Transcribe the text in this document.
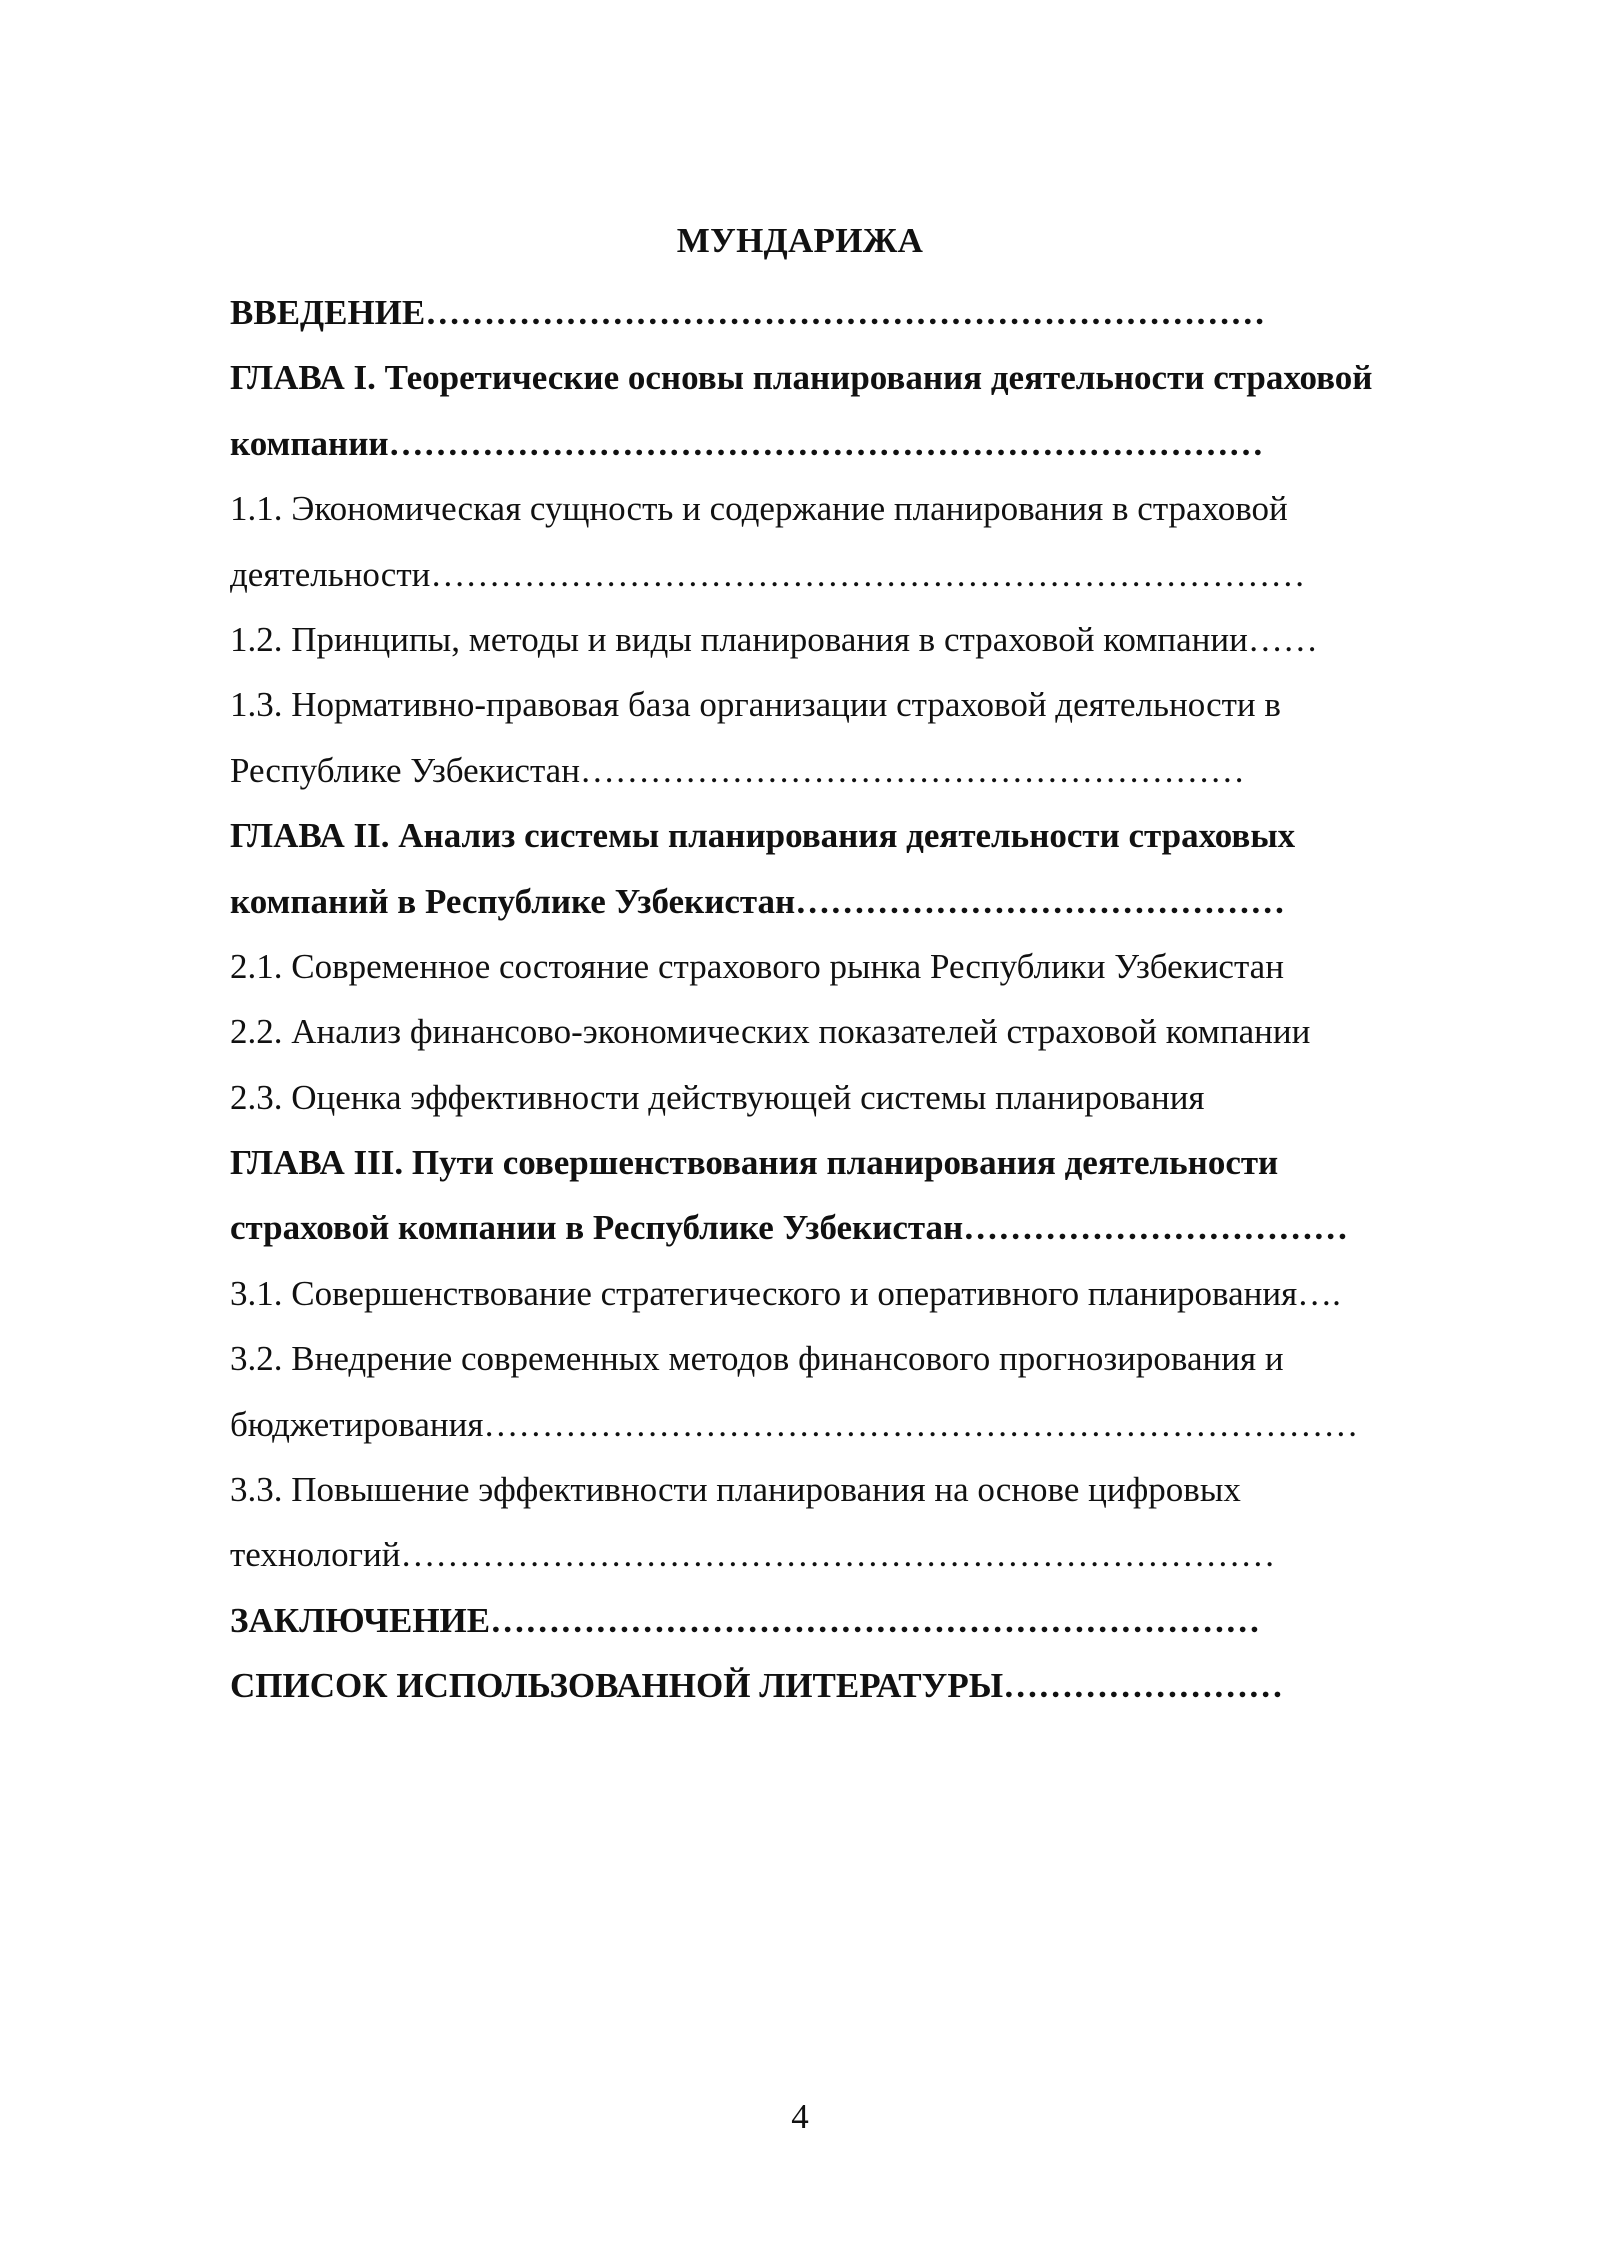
МУНДАРИЖА
ВВЕДЕНИЕ………………………………………………………………
ГЛАВА I. Теоретические основы планирования деятельности страховой
компании…………………………………………………………………
1.1. Экономическая сущность и содержание планирования в страховой
деятельности…………………………………………………………………
1.2. Принципы, методы и виды планирования в страховой компании……
1.3. Нормативно-правовая база организации страховой деятельности в
Республике Узбекистан…………………………………………………
ГЛАВА II. Анализ системы планирования деятельности страховых
компаний в Республике Узбекистан……………………………………
2.1. Современное состояние страхового рынка Республики Узбекистан
2.2. Анализ финансово-экономических показателей страховой компании
2.3. Оценка эффективности действующей системы планирования
ГЛАВА III. Пути совершенствования планирования деятельности
страховой компании в Республике Узбекистан……………………………
3.1. Совершенствование стратегического и оперативного планирования….
3.2. Внедрение современных методов финансового прогнозирования и
бюджетирования…………………………………………………………………
3.3. Повышение эффективности планирования на основе цифровых
технологий…………………………………………………………………
ЗАКЛЮЧЕНИЕ…………………………………………………………
СПИСОК ИСПОЛЬЗОВАННОЙ ЛИТЕРАТУРЫ……………………
4
